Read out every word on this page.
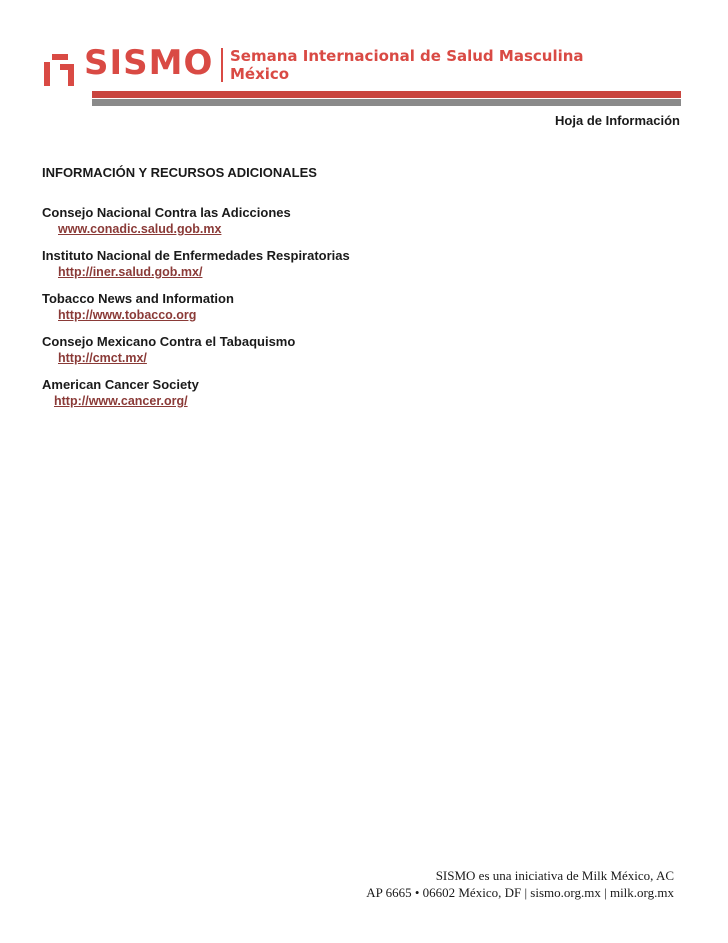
SISMO Semana Internacional de Salud Masculina
México
Hoja de Información
INFORMACIÓN Y RECURSOS ADICIONALES
Consejo Nacional Contra las Adicciones
www.conadic.salud.gob.mx
Instituto Nacional de Enfermedades Respiratorias
http://iner.salud.gob.mx/
Tobacco News and Information
http://www.tobacco.org
Consejo Mexicano Contra el Tabaquismo
http://cmct.mx/
American Cancer Society
http://www.cancer.org/
SISMO es una iniciativa de Milk México, AC
AP 6665 • 06602 México, DF | sismo.org.mx | milk.org.mx
